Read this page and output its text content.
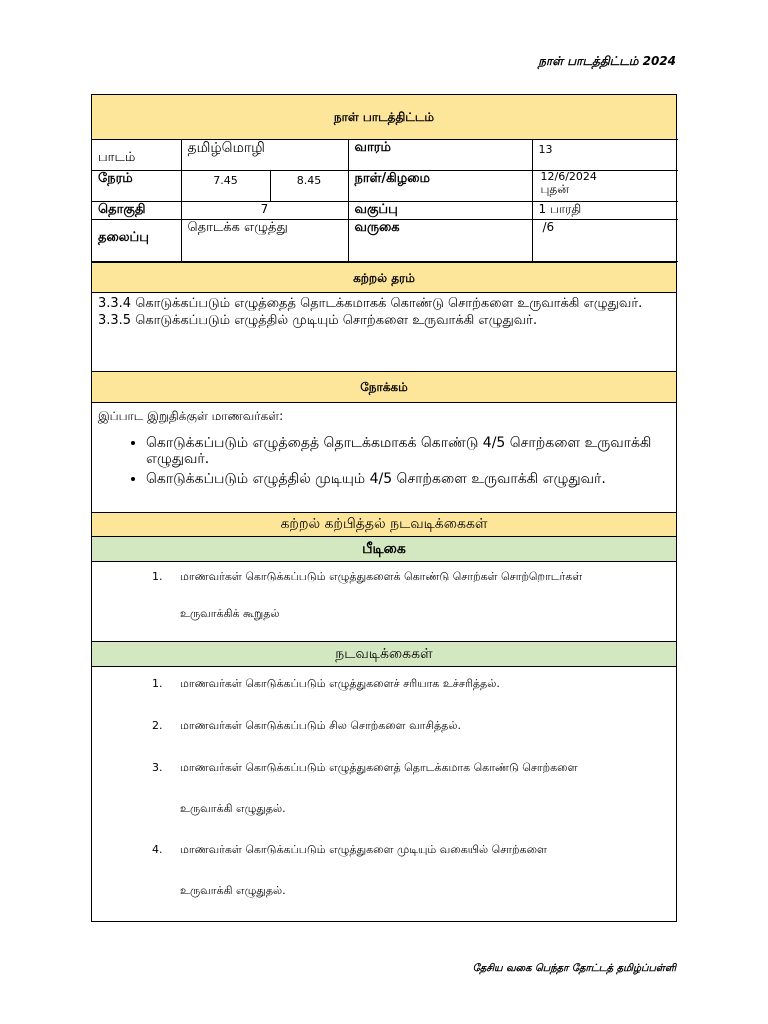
நாள் பாடத்திட்டம் 2024
நாள் பாடத்திட்டம்
பாடம்	தமிழ்மொழி		வாரம்	13
நேரம்	7.45	8.45	நாள்/கிழமை	12/6/2024
புதன்

தொகுதி	7		வகுப்பு	1 பாரதி
தலைப்பு	தொடக்க எழுத்து		வருகை	/6
கற்றல் தரம்
3.3.4 கொடுக்கப்படும் எழுத்தைத் தொடக்கமாகக் கொண்டு சொற்களை உருவாக்கி எழுதுவர்.
3.3.5 கொடுக்கப்படும் எழுத்தில் முடியும் சொற்களை உருவாக்கி எழுதுவர்.
நோக்கம்
இப்பாட இறுதிக்குள் மாணவர்கள்:
• கொடுக்கப்படும் எழுத்தைத் தொடக்கமாகக் கொண்டு 4/5 சொற்களை உருவாக்கி எழுதுவர்.
• கொடுக்கப்படும் எழுத்தில் முடியும் 4/5 சொற்களை உருவாக்கி எழுதுவர்.
கற்றல் கற்பித்தல் நடவடிக்கைகள்
பீடிகை

1. மாணவர்கள் கொடுக்கப்படும் எழுத்துகளைக் கொண்டு சொற்கள் சொற்றொடர்கள்

உருவாக்கிக் கூறுதல்

நடவடிக்கைகள்

1. மாணவர்கள் கொடுக்கப்படும் எழுத்துகளைச் சரியாக உச்சரித்தல்.

2. மாணவர்கள் கொடுக்கப்படும் சில சொற்களை வாசித்தல்.

3. மாணவர்கள் கொடுக்கப்படும் எழுத்துகளைத் தொடக்கமாக கொண்டு சொற்களை

உருவாக்கி எழுதுதல்.

4. மாணவர்கள் கொடுக்கப்படும் எழுத்துகளை முடியும் வகையில் சொற்களை

உருவாக்கி எழுதுதல்.

தேசிய வகை பெந்தா தோட்டத் தமிழ்ப்பள்ளி
